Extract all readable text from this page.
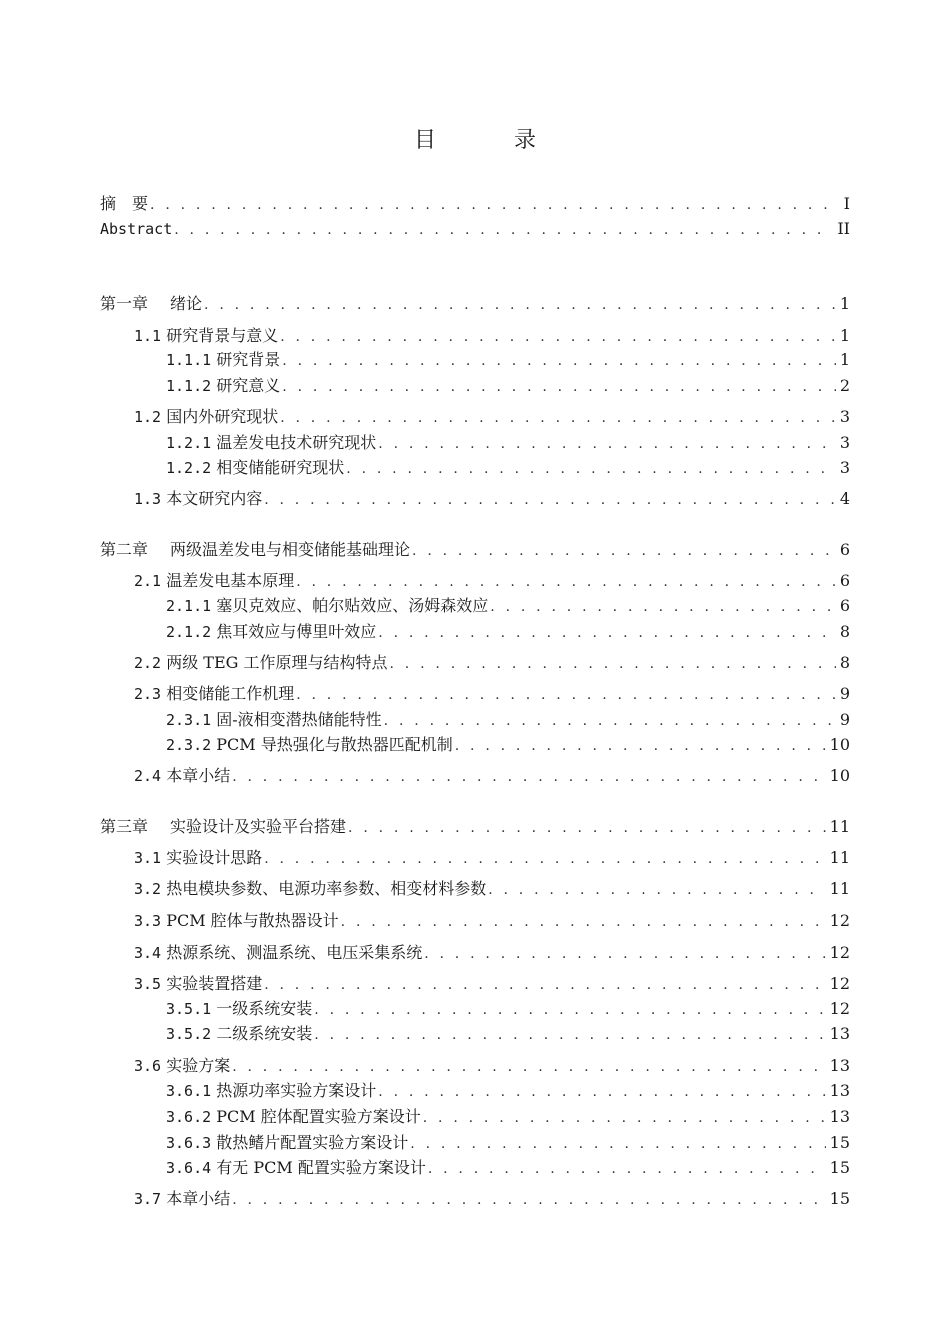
目　录
摘　要 . . .	I
Abstract . . .	II
第一章 绪论 . . .	1
1.1 研究背景与意义 . . .	1
1.1.1 研究背景 . . .	1
1.1.2 研究意义 . . .	2
1.2 国内外研究现状 . . .	3
1.2.1 温差发电技术研究现状 . . .	3
1.2.2 相变储能研究现状 . . .	3
1.3 本文研究内容 . . .	4
第二章 两级温差发电与相变储能基础理论 . . .	6
2.1 温差发电基本原理 . . .	6
2.1.1 塞贝克效应、帕尔贴效应、汤姆森效应 . . .	6
2.1.2 焦耳效应与傅里叶效应 . . .	8
2.2 两级 TEG 工作原理与结构特点 . . .	8
2.3 相变储能工作机理 . . .	9
2.3.1 固-液相变潜热储能特性 . . .	9
2.3.2 PCM 导热强化与散热器匹配机制 . . .	10
2.4 本章小结 . . .	10
第三章 实验设计及实验平台搭建 . . .	11
3.1 实验设计思路 . . .	11
3.2 热电模块参数、电源功率参数、相变材料参数 . . .	11
3.3 PCM 腔体与散热器设计 . . .	12
3.4 热源系统、测温系统、电压采集系统 . . .	12
3.5 实验装置搭建 . . .	12
3.5.1 一级系统安装 . . .	12
3.5.2 二级系统安装 . . .	13
3.6 实验方案 . . .	13
3.6.1 热源功率实验方案设计 . . .	13
3.6.2 PCM 腔体配置实验方案设计 . . .	13
3.6.3 散热鳍片配置实验方案设计 . . .	15
3.6.4 有无 PCM 配置实验方案设计 . . .	15
3.7 本章小结 . . .	15
